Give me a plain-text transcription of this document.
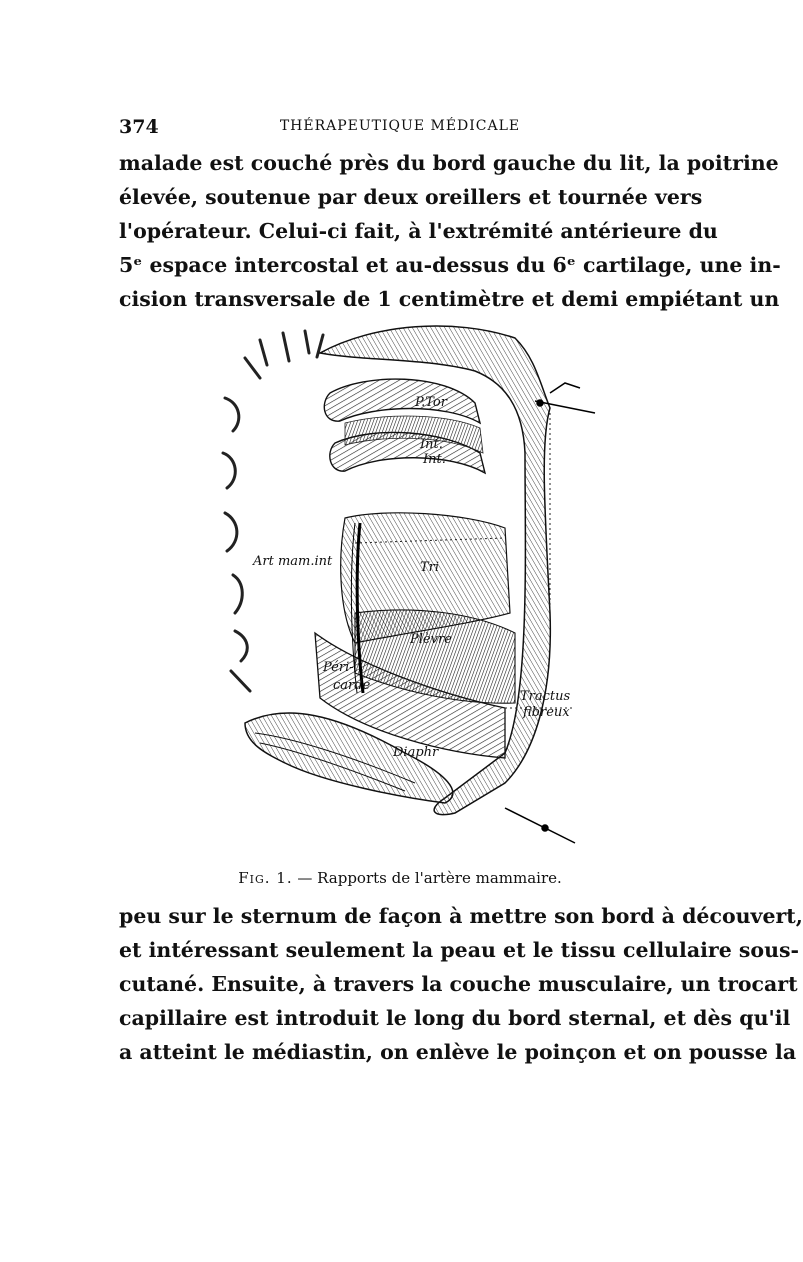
374	THÉRAPEUTIQUE MÉDICALE
malade est couché près du bord gauche du lit, la poitrine
élevée, soutenue par deux oreillers et tournée vers
l'opérateur. Celui-ci fait, à l'extrémité antérieure du
5ᵉ espace intercostal et au-dessus du 6ᵉ cartilage, une in-
cision transversale de 1 centimètre et demi empiétant un
Art mam.int
P.Tor
Int.
Int.
Tri
Plèvre
Péri-
carde
Tractus
fibreux
Diaphr
Fig. 1. — Rapports de l'artère mammaire.
peu sur le sternum de façon à mettre son bord à découvert,
et intéressant seulement la peau et le tissu cellulaire sous-
cutané. Ensuite, à travers la couche musculaire, un trocart
capillaire est introduit le long du bord sternal, et dès qu'il
a atteint le médiastin, on enlève le poinçon et on pousse la
